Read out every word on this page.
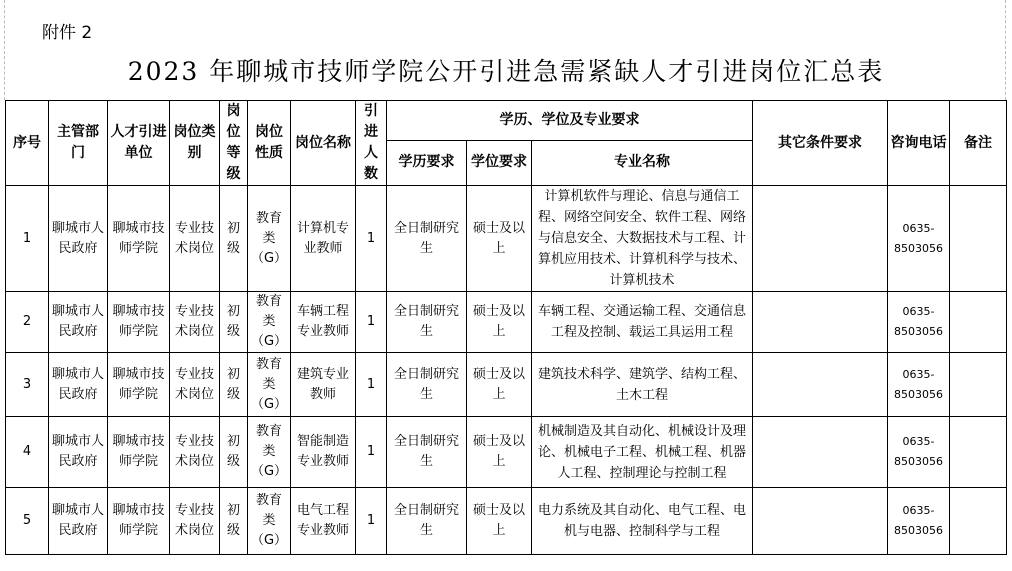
附件 2
2023 年聊城市技师学院公开引进急需紧缺人才引进岗位汇总表
序号	主管部门	人才引进单位	岗位类别	岗位等级	岗位性质	岗位名称	引进人数	学历、学位及专业要求			其它条件要求	咨询电话	备注
								学历要求	学位要求	专业名称			
1	聊城市人民政府	聊城市技师学院	专业技术岗位	初级	教育类（G）	计算机专业教师	1	全日制研究生	硕士及以上	计算机软件与理论、信息与通信工程、网络空间安全、软件工程、网络与信息安全、大数据技术与工程、计算机应用技术、计算机科学与技术、计算机技术		0635-8503056	
2	聊城市人民政府	聊城市技师学院	专业技术岗位	初级	教育类（G）	车辆工程专业教师	1	全日制研究生	硕士及以上	车辆工程、交通运输工程、交通信息工程及控制、载运工具运用工程		0635-8503056	
3	聊城市人民政府	聊城市技师学院	专业技术岗位	初级	教育类（G）	建筑专业教师	1	全日制研究生	硕士及以上	建筑技术科学、建筑学、结构工程、土木工程		0635-8503056	
4	聊城市人民政府	聊城市技师学院	专业技术岗位	初级	教育类（G）	智能制造专业教师	1	全日制研究生	硕士及以上	机械制造及其自动化、机械设计及理论、机械电子工程、机械工程、机器人工程、控制理论与控制工程		0635-8503056	
5	聊城市人民政府	聊城市技师学院	专业技术岗位	初级	教育类（G）	电气工程专业教师	1	全日制研究生	硕士及以上	电力系统及其自动化、电气工程、电机与电器、控制科学与工程		0635-8503056	
